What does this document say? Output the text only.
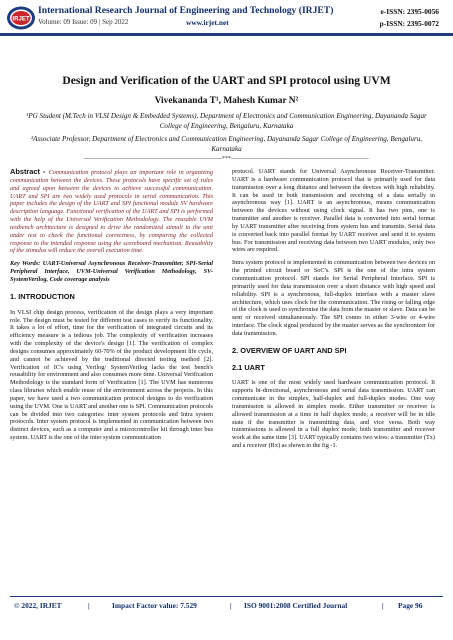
IRJET
International Research Journal of Engineering and Technology (IRJET)
Volume: 09 Issue: 09 | Sep 2022	www.irjet.net
e-ISSN: 2395-0056
p-ISSN: 2395-0072
Design and Verification of the UART and SPI protocol using UVM
Vivekananda T¹, Mahesh Kumar N²
¹PG Student (M.Tech in VLSI Design & Embedded Systems), Department of Electronics and Communication Engineering, Dayananda Sagar College of Engineering, Bengaluru, Karnataka
²Associate Professor, Department of Electronics and Communication Engineering, Dayananda Sagar College of Engineering, Bengaluru, Karnataka
---------------------------------------------------------------------***---------------------------------------------------------------------

Abstract - Communication protocol plays an important role in organizing communication between the devices. These protocols have specific set of rules and agreed upon between the devices to achieve successful communication. UART and SPI are two widely used protocols in serial communication. This paper includes the design of the UART and SPI functional module SV hardware description language. Functional verification of the UART and SPI is performed with the help of the Universal Verification Methodology. The reusable UVM testbench architecture is designed to drive the randomized stimuli to the unit under test to check the functional correctness, by comparing the collected response to the intended response using the scoreboard mechanism. Reusability of the stimulus will reduce the overall execution time.

Key Words: UART-Universal Asynchronous Receiver-Transmitter, SPI-Serial Peripheral Interface, UVM-Universal Verification Methodology, SV-SystemVerilog, Code coverage analysis

1. INTRODUCTION

In VLSI chip design process, verification of the design plays a very important role. The design must be tested for different test cases to verify its functionality. It takes a lot of effort, time for the verification of integrated circuits and its efficiency measure is a tedious job. The complexity of verification increases with the complexity of the device's design [1]. The verification of complex designs consumes approximately 60-70% of the product development life cycle, and cannot be achieved by the traditional directed testing method [2]. Verification of IC's using Verilog/ SystemVerilog lacks the test bench's reusability for environment and also consumes more time. Universal Verification Methodology is the standard form of Verification [1]. The UVM has numerous class libraries which enable reuse of the environment across the projects. In this paper, we have used a two communication protocol designs to do verification using the UVM. One is UART and another one is SPI. Communication protocols can be divided into two categories: inter system protocols and Intra system protocols. Inter system protocol is implemented in communication between two distinct devices, such as a computer and a microcontroller kit through inter bus system. UART is the one of the inter system communication

protocol. UART stands for Universal Asynchronous Receiver-Transmitter. UART is a hardware communication protocol that is primarily used for data transmission over a long distance and between the devices with high reliability. It can be used in both transmission and receiving of a data serially in asynchronous way [1]. UART is an asynchronous, means communication between the devices without using clock signal. It has two pins, one is transmitter and another is receiver. Parallel data is converted into serial format by UART transmitter after receiving from system bus and transmits. Serial data is converted back into parallel format by UART receiver and send it to system bus. For transmission and receiving data between two UART modules, only two wires are required.

Intra system protocol is implemented in communication between two devices on the printed circuit board or SoC's. SPI is the one of the intra system communication protocol. SPI stands for Serial Peripheral Interface. SPI is primarily used for data transmission over a short distance with high speed and reliability. SPI is a synchronous, full-duplex interface with a master slave architecture, which uses clock for the communication. The rising or falling edge of the clock is used to synchronise the data from the master or slave. Data can be sent or received simultaneously. The SPI comes in either 3-wire or 4-wire interface. The clock signal produced by the master serves as the synchronizer for data transmission.

2. OVERVIEW OF UART AND SPI
2.1 UART

UART is one of the most widely used hardware communication protocol. It supports bi-directional, asynchronous and serial data transmission. UART can communicate in the simplex, half-duplex and full-duplex modes. One way transmission is allowed in simplex mode. Either transmitter or receiver is allowed transmission at a time in half duplex mode; a receiver will be in idle state if the transmitter is transmitting data, and vice versa. Both way transmissions is allowed in a full duplex mode; both transmitter and receiver work at the same time [3]. UART typically contains two wires: a transmitter (Tx) and a receiver (Rx) as shown in the fig -1.

© 2022, IRJET	|	Impact Factor value: 7.529	| ISO 9001:2008 Certified Journal	| Page 96
